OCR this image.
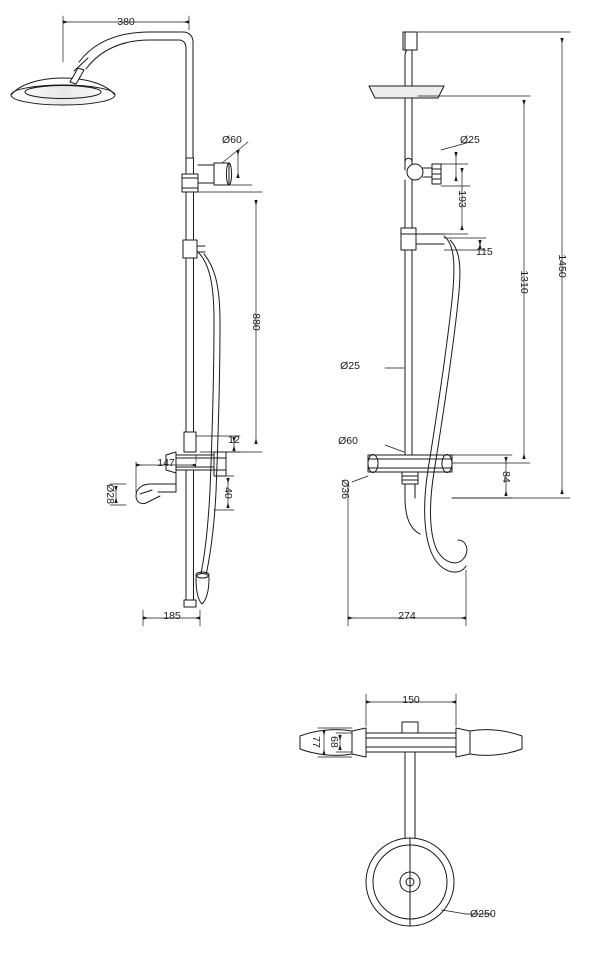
380
Ø60
880
12
Ø28
147
40
185
Ø25
193
115
Ø25
Ø60
Ø36
84
1310
1450
274
150
77 68
Ø250
